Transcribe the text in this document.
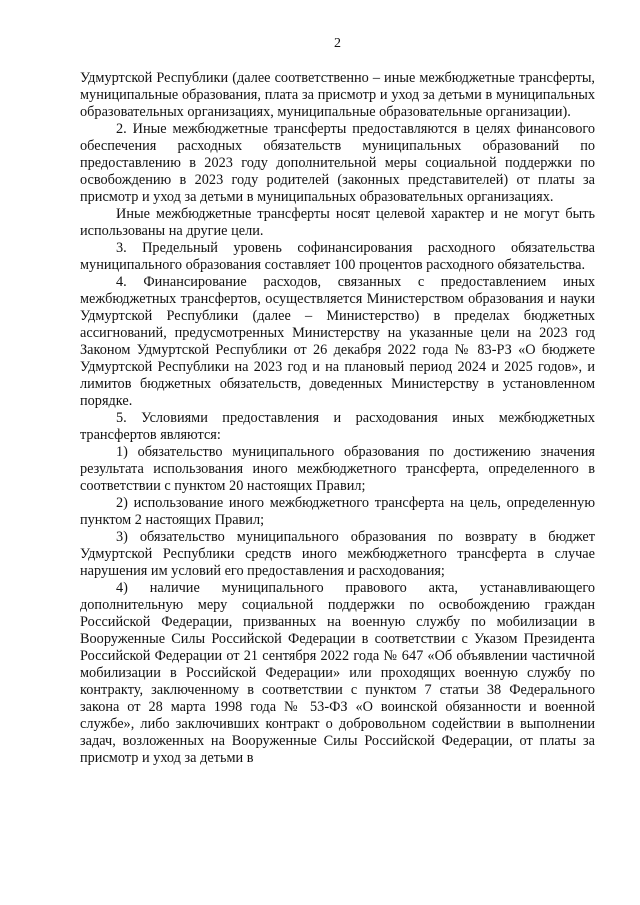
2

Удмуртской Республики (далее соответственно – иные межбюджетные трансферты, муниципальные образования, плата за присмотр и уход за детьми в муниципальных образовательных организациях, муниципальные образовательные организации).

2. Иные межбюджетные трансферты предоставляются в целях финансового обеспечения расходных обязательств муниципальных образований по предоставлению в 2023 году дополнительной меры социальной поддержки по освобождению в 2023 году родителей (законных представителей) от платы за присмотр и уход за детьми в муниципальных образовательных организациях.

Иные межбюджетные трансферты носят целевой характер и не могут быть использованы на другие цели.

3. Предельный уровень софинансирования расходного обязательства муниципального образования составляет 100 процентов расходного обязательства.

4. Финансирование расходов, связанных с предоставлением иных межбюджетных трансфертов, осуществляется Министерством образования и науки Удмуртской Республики (далее – Министерство) в пределах бюджетных ассигнований, предусмотренных Министерству на указанные цели на 2023 год Законом Удмуртской Республики от 26 декабря 2022 года № 83-РЗ «О бюджете Удмуртской Республики на 2023 год и на плановый период 2024 и 2025 годов», и лимитов бюджетных обязательств, доведенных Министерству в установленном порядке.

5. Условиями предоставления и расходования иных межбюджетных трансфертов являются:

1) обязательство муниципального образования по достижению значения результата использования иного межбюджетного трансферта, определенного в соответствии с пунктом 20 настоящих Правил;

2) использование иного межбюджетного трансферта на цель, определенную пунктом 2 настоящих Правил;

3) обязательство муниципального образования по возврату в бюджет Удмуртской Республики средств иного межбюджетного трансферта в случае нарушения им условий его предоставления и расходования;

4) наличие муниципального правового акта, устанавливающего дополнительную меру социальной поддержки по освобождению граждан Российской Федерации, призванных на военную службу по мобилизации в Вооруженные Силы Российской Федерации в соответствии с Указом Президента Российской Федерации от 21 сентября 2022 года № 647 «Об объявлении частичной мобилизации в Российской Федерации» или проходящих военную службу по контракту, заключенному в соответствии с пунктом 7 статьи 38 Федерального закона от 28 марта 1998 года № 53-ФЗ «О воинской обязанности и военной службе», либо заключивших контракт о добровольном содействии в выполнении задач, возложенных на Вооруженные Силы Российской Федерации, от платы за присмотр и уход за детьми в
